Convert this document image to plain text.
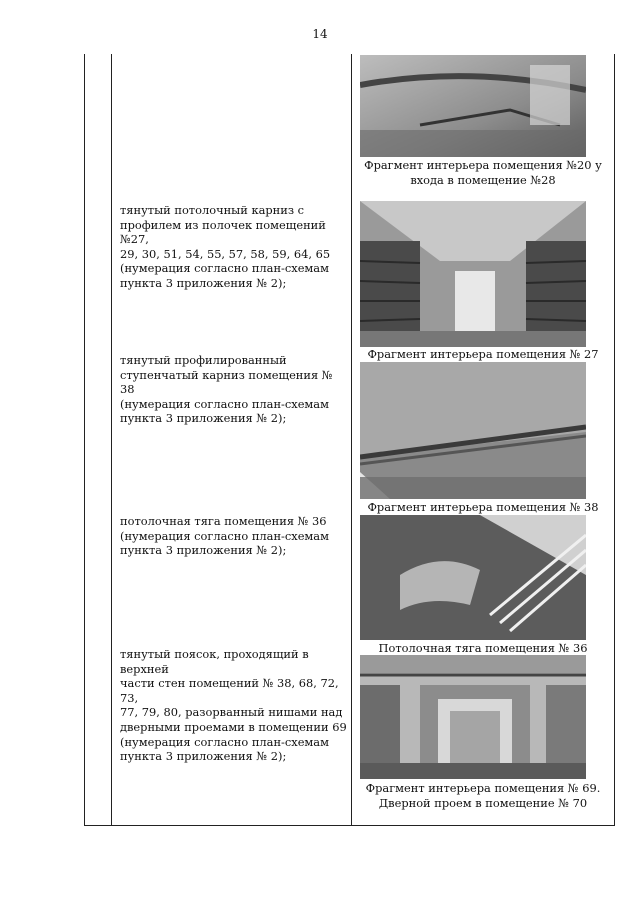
14
Фрагмент интерьера помещения №20 у
входа в помещение №28
тянутый потолочный карниз с
профилем из полочек помещений №27,
29, 30, 51, 54, 55, 57, 58, 59, 64, 65
(нумерация согласно план-схемам
пункта 3 приложения № 2);
Фрагмент интерьера помещения № 27
тянутый профилированный
ступенчатый карниз помещения № 38
(нумерация согласно план-схемам
пункта 3 приложения № 2);
Фрагмент интерьера помещения № 38
потолочная тяга помещения № 36
(нумерация согласно план-схемам
пункта 3 приложения № 2);
Потолочная тяга помещения № 36
тянутый поясок, проходящий в верхней
части стен помещений № 38, 68, 72, 73,
77, 79, 80, разорванный нишами над
дверными проемами в помещении 69
(нумерация согласно план-схемам
пункта 3 приложения № 2);
Фрагмент интерьера помещения № 69.
Дверной проем в помещение № 70
